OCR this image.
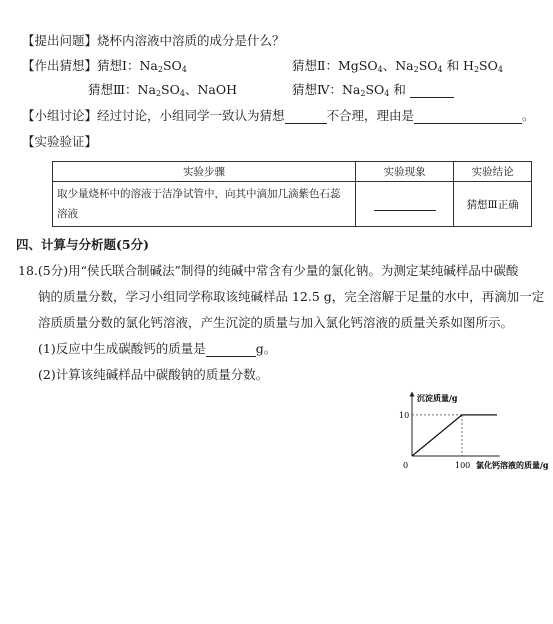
【提出问题】烧杯内溶液中溶质的成分是什么？
【作出猜想】猜想Ⅰ：$Na_2SO_4$	猜想Ⅱ：MgSO$_4$、$Na_2SO_4$ 和 $H_2SO_4$
猜想Ⅲ：$Na_2SO_4$、NaOH	猜想Ⅳ：$Na_2SO_4$ 和
【小组讨论】经过讨论，小组同学一致认为猜想	不合理，理由是	。
【实验验证】
实验步骤	实验现象	实验结论

取少量烧杯中的溶液于洁净试管中，向其中滴加几滴紫色石蕊
溶液		猜想Ⅲ正确
四、计算与分析题(5分)
18.(5分)用“侯氏联合制碱法”制得的纯碱中常含有少量的氯化钠。为测定某纯碱样品中碳酸
钠的质量分数，学习小组同学称取该纯碱样品 12.5 g，完全溶解于足量的水中，再滴加一定
溶质质量分数的氯化钙溶液，产生沉淀的质量与加入氯化钙溶液的质量关系如图所示。
(1)反应中生成碳酸钙的质量是	g。
(2)计算该纯碱样品中碳酸钠的质量分数。
沉淀质量/g
氯化钙溶液的质量/g
0	100
10
